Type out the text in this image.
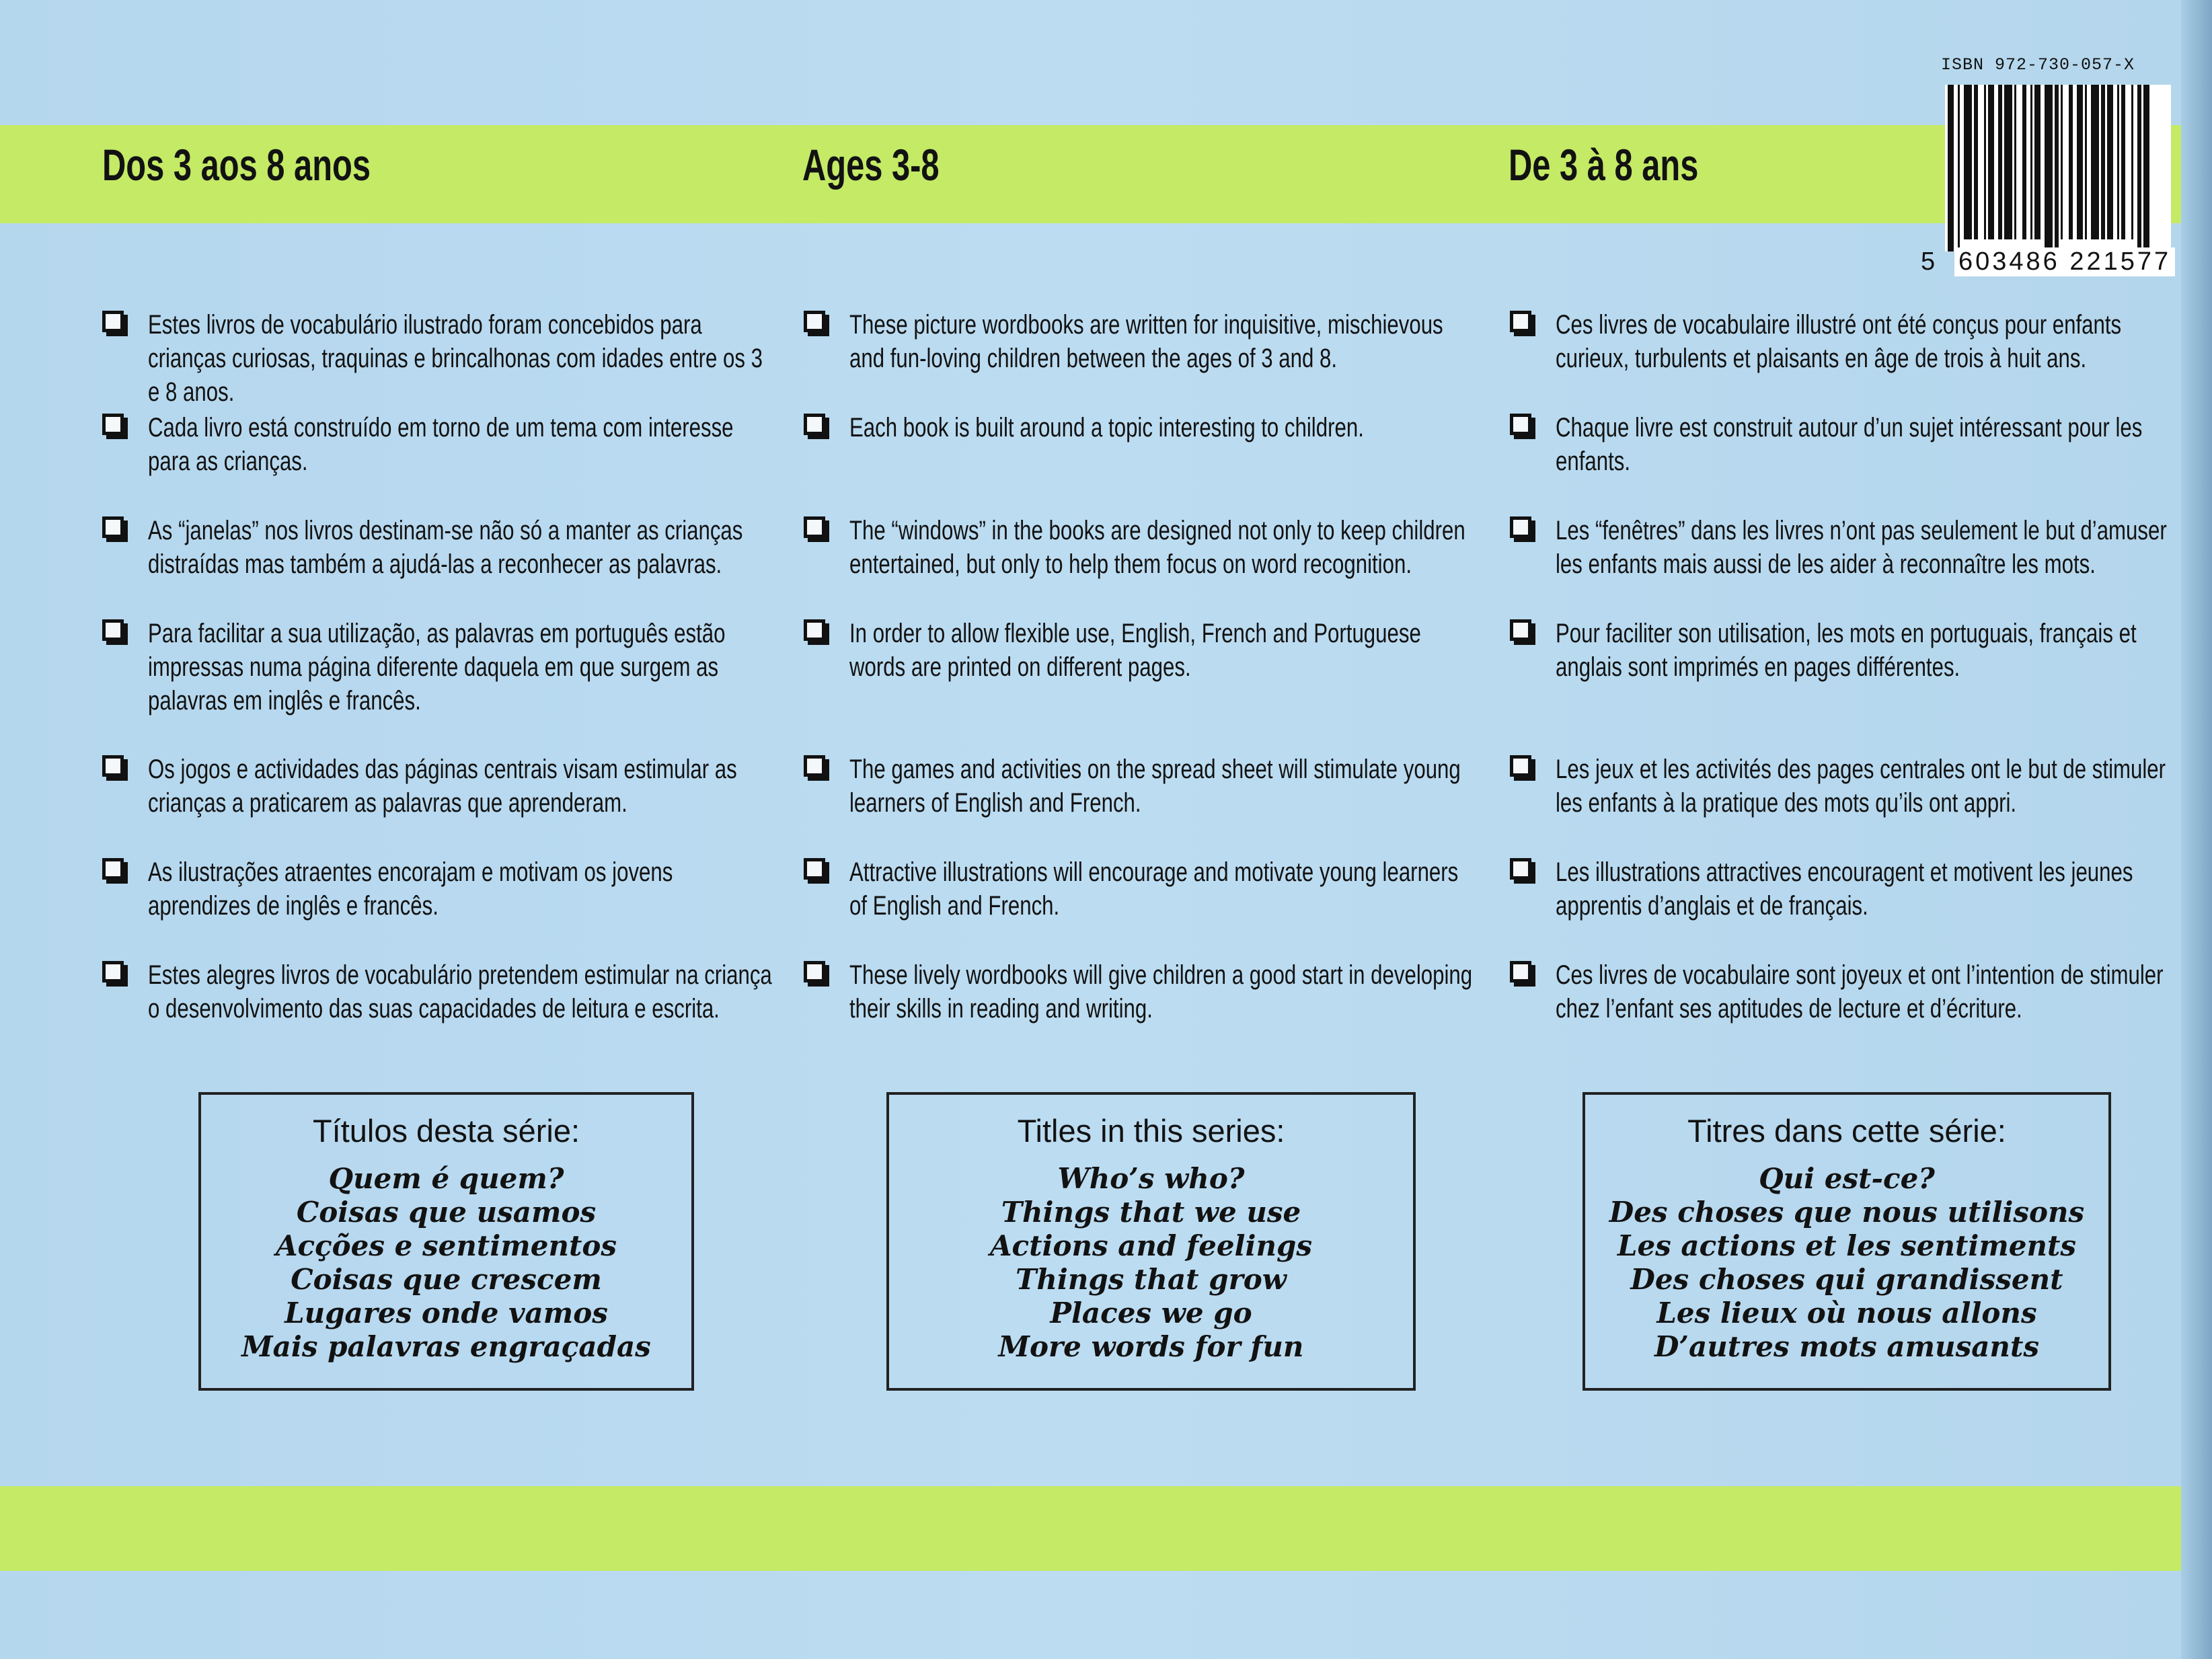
Dos 3 aos 8 anos	Ages 3-8	De 3 à 8 ans
ISBN 972-730-057-X
5 603486 221577
Estes livros de vocabulário ilustrado foram concebidos para crianças curiosas, traquinas e brincalhonas com idades entre os 3 e 8 anos.
Cada livro está construído em torno de um tema com interesse para as crianças.
As “janelas” nos livros destinam-se não só a manter as crianças distraídas mas também a ajudá-las a reconhecer as palavras.
Para facilitar a sua utilização, as palavras em português estão impressas numa página diferente daquela em que surgem as palavras em inglês e francês.
Os jogos e actividades das páginas centrais visam estimular as crianças a praticarem as palavras que aprenderam.
As ilustrações atraentes encorajam e motivam os jovens aprendizes de inglês e francês.
Estes alegres livros de vocabulário pretendem estimular na criança o desenvolvimento das suas capacidades de leitura e escrita.
These picture wordbooks are written for inquisitive, mischievous and fun-loving children between the ages of 3 and 8.
Each book is built around a topic interesting to children.
The “windows” in the books are designed not only to keep children entertained, but only to help them focus on word recognition.
In order to allow flexible use, English, French and Portuguese words are printed on different pages.
The games and activities on the spread sheet will stimulate young learners of English and French.
Attractive illustrations will encourage and motivate young learners of English and French.
These lively wordbooks will give children a good start in developing their skills in reading and writing.
Ces livres de vocabulaire illustré ont été conçus pour enfants curieux, turbulents et plaisants en âge de trois à huit ans.
Chaque livre est construit autour d’un sujet intéressant pour les enfants.
Les “fenêtres” dans les livres n’ont pas seulement le but d’amuser les enfants mais aussi de les aider à reconnaître les mots.
Pour faciliter son utilisation, les mots en portuguais, français et anglais sont imprimés en pages différentes.
Les jeux et les activités des pages centrales ont le but de stimuler les enfants à la pratique des mots qu’ils ont appri.
Les illustrations attractives encouragent et motivent les jeunes apprentis d’anglais et de français.
Ces livres de vocabulaire sont joyeux et ont l’intention de stimuler chez l’enfant ses aptitudes de lecture et d’écriture.
Títulos desta série:
Quem é quem?
Coisas que usamos
Acções e sentimentos
Coisas que crescem
Lugares onde vamos
Mais palavras engraçadas
Titles in this series:
Who’s who?
Things that we use
Actions and feelings
Things that grow
Places we go
More words for fun
Titres dans cette série:
Qui est-ce?
Des choses que nous utilisons
Les actions et les sentiments
Des choses qui grandissent
Les lieux où nous allons
D’autres mots amusants
